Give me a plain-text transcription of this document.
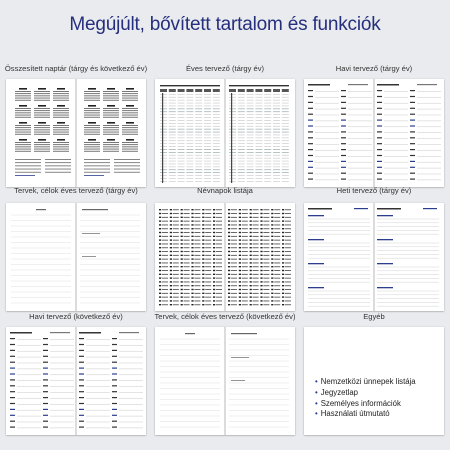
Megújúlt, bővített tartalom és funkciók
Összesített naptár (tárgy és következő év)	Éves tervező (tárgy év)	Havi tervező (tárgy év)
Tervek, célok éves tervező (tárgy év)	Névnapok listája	Heti tervező (tárgy év)
Havi tervező (következő év)	Tervek, célok éves tervező (következő év)	Egyéb
• Nemzetközi ünnepek listája
• Jegyzetlap
• Személyes információk
• Használati útmutató
